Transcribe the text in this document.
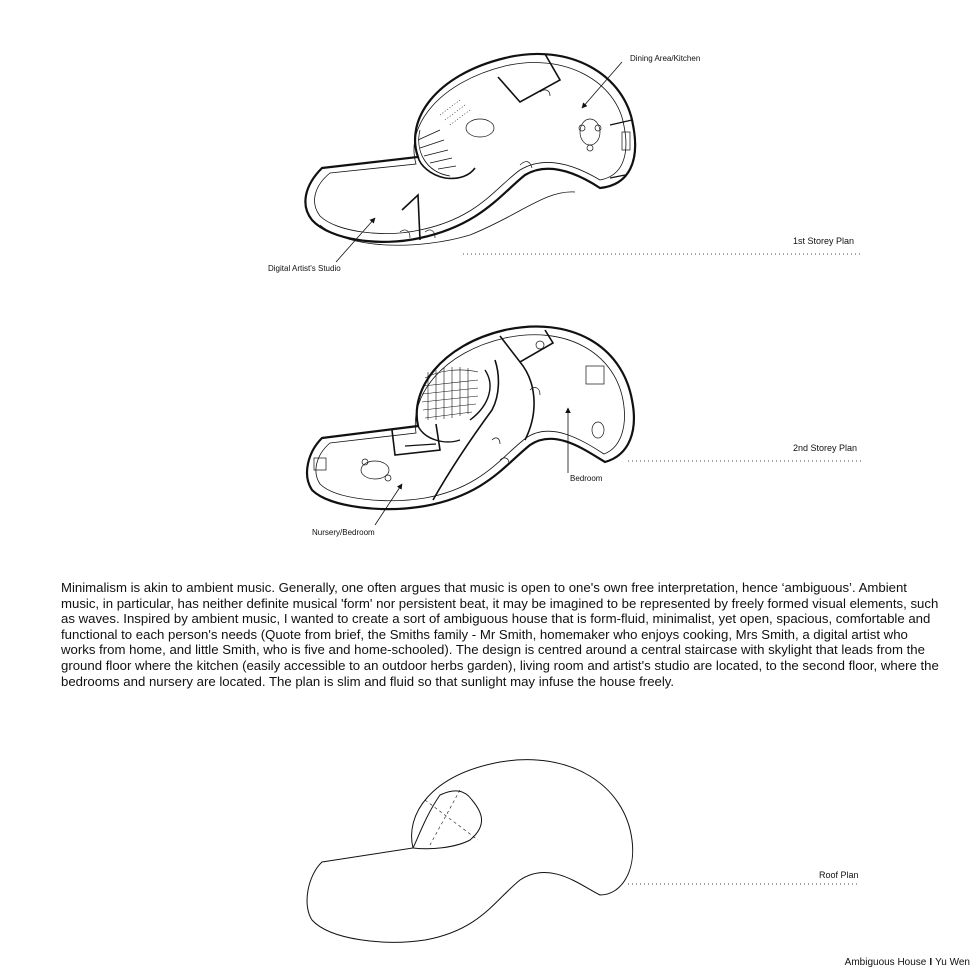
Dining Area/Kitchen
Digital Artist's Studio
1st Storey Plan
Nursery/Bedroom
Bedroom
2nd Storey Plan
Roof Plan

Minimalism is akin to ambient music. Generally, one often argues that music is open to one's own free interpretation, hence ‘ambiguous’. Ambient music, in particular, has neither definite musical 'form' nor persistent beat, it may be imagined to be represented by freely formed visual elements, such as waves. Inspired by ambient music, I wanted to create a sort of ambiguous house that is form-fluid, minimalist, yet open, spacious, comfortable and functional to each person's needs (Quote from brief, the Smiths family - Mr Smith, homemaker who enjoys cooking, Mrs Smith, a digital artist who works from home, and little Smith, who is five and home-schooled). The design is centred around a central staircase with skylight that leads from the ground floor where the kitchen (easily accessible to an outdoor herbs garden), living room and artist's studio are located, to the second floor, where the bedrooms and nursery are located. The plan is slim and fluid so that sunlight may infuse the house freely.

Ambiguous House I Yu Wen
